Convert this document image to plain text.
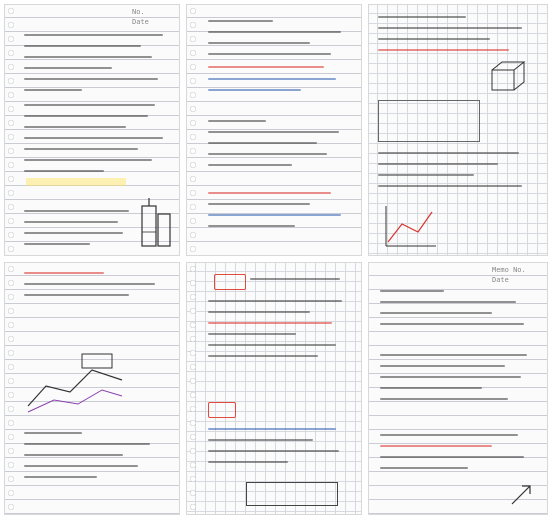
No.
Date
Memo No.
Date
